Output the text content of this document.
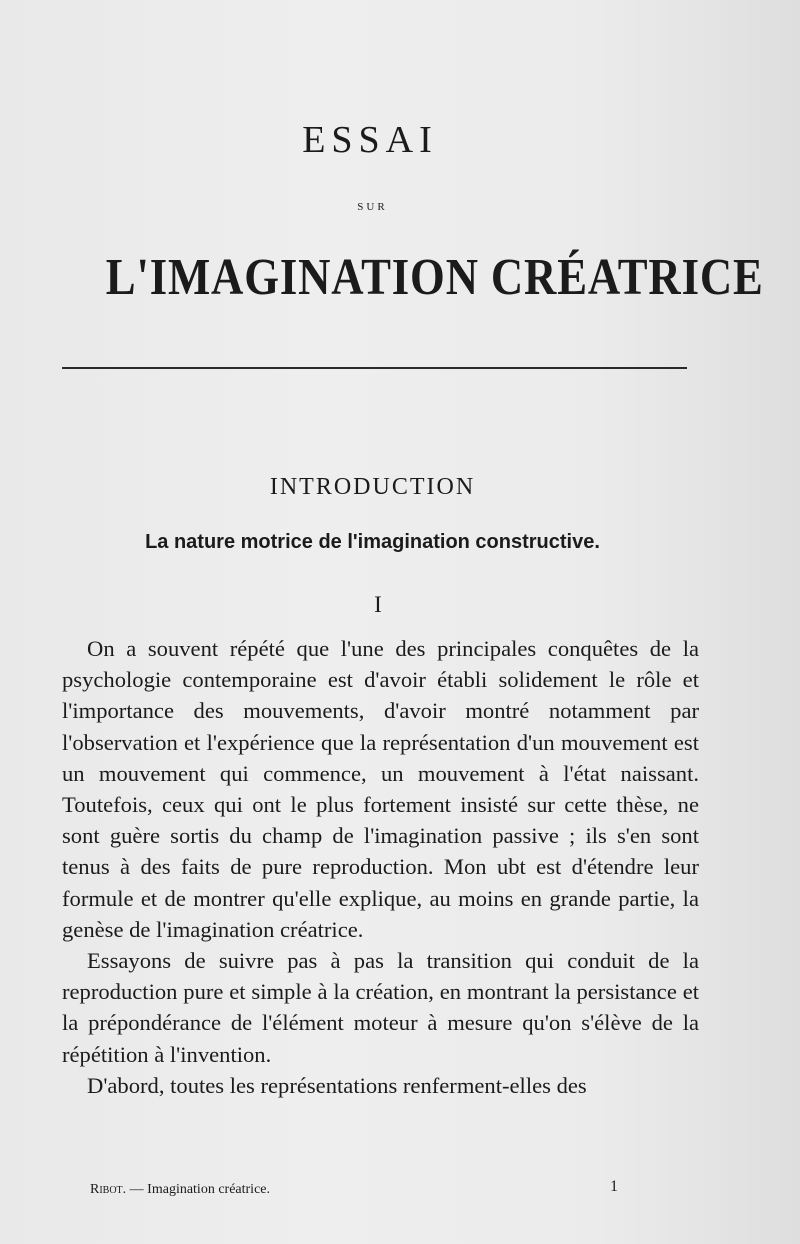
ESSAI
SUR
L'IMAGINATION CRÉATRICE
INTRODUCTION
La nature motrice de l'imagination constructive.
I

On a souvent répété que l'une des principales conquêtes de la psychologie contemporaine est d'avoir établi solidement le rôle et l'importance des mouvements, d'avoir montré notamment par l'observation et l'expérience que la représentation d'un mouvement est un mouvement qui commence, un mouvement à l'état naissant. Toutefois, ceux qui ont le plus fortement insisté sur cette thèse, ne sont guère sortis du champ de l'imagination passive ; ils s'en sont tenus à des faits de pure reproduction. Mon ubt est d'étendre leur formule et de montrer qu'elle explique, au moins en grande partie, la genèse de l'imagination créatrice.

Essayons de suivre pas à pas la transition qui conduit de la reproduction pure et simple à la création, en montrant la persistance et la prépondérance de l'élément moteur à mesure qu'on s'élève de la répétition à l'invention.

D'abord, toutes les représentations renferment-elles des

Ribot. — Imagination créatrice.	1
